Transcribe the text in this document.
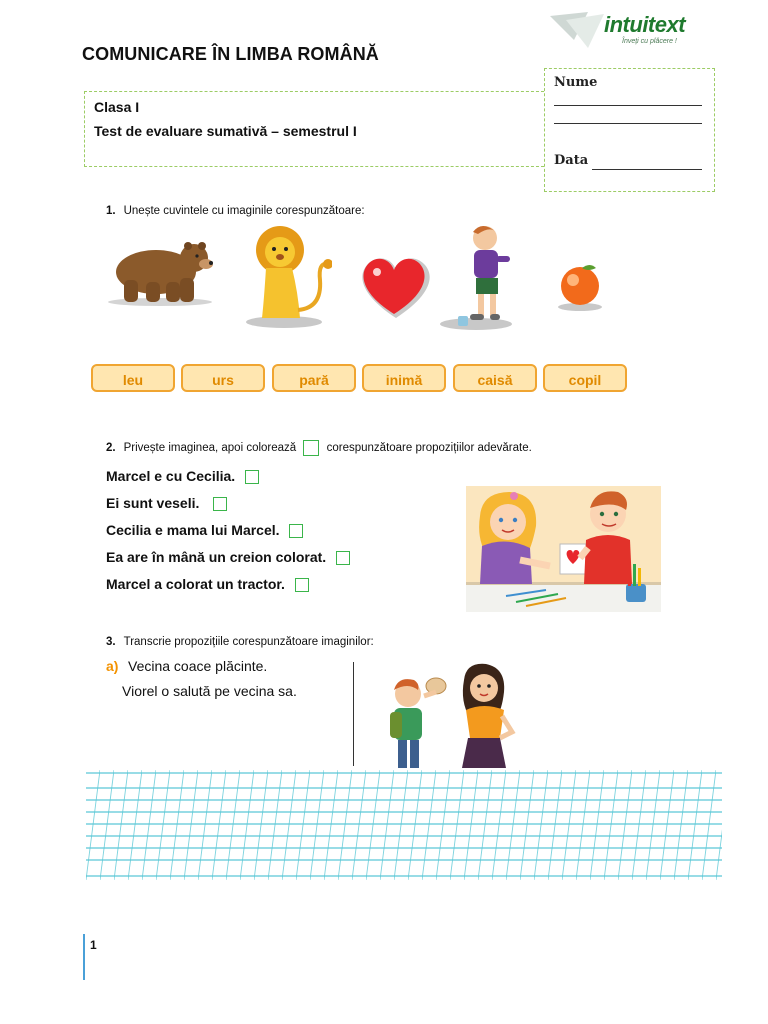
COMUNICARE ÎN LIMBA ROMÂNĂ
intuitext
Înveți cu plăcere !
Clasa I
Test de evaluare sumativă – semestrul I
Nume
Data
1. Unește cuvintele cu imaginile corespunzătoare:
leu	urs	pară	inimă	caisă	copil
2. Privește imaginea, apoi colorează	corespunzătoare propozițiilor adevărate.
Marcel e cu Cecilia.
Ei sunt veseli.
Cecilia e mama lui Marcel.
Ea are în mână un creion colorat.
Marcel a colorat un tractor.
3. Transcrie propozițiile corespunzătoare imaginilor:
a) Vecina coace plăcinte.
Viorel o salută pe vecina sa.
1
